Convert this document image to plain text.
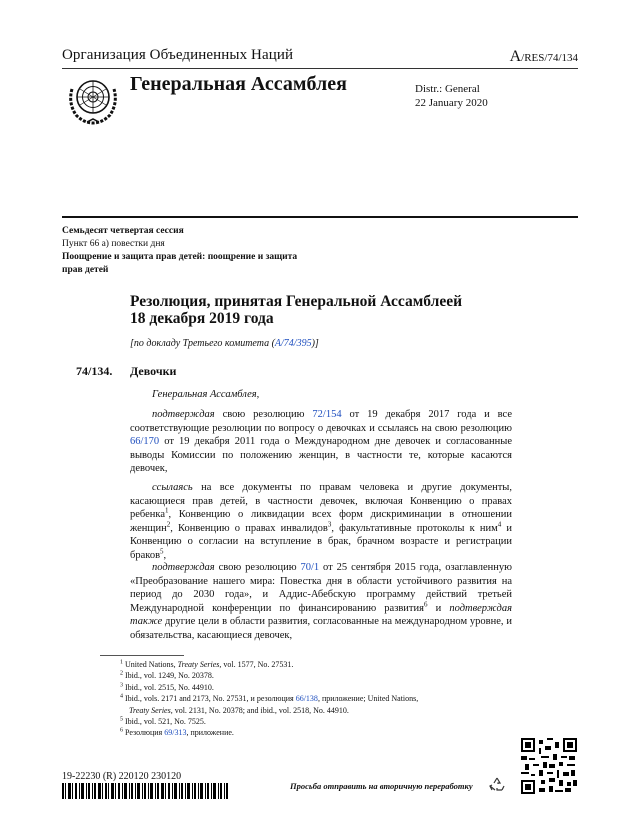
Организация Объединенных Наций	A/RES/74/134
Генеральная Ассамблея	Distr.: General
22 January 2020
Семьдесят четвертая сессия
Пункт 66 a) повестки дня
Поощрение и защита прав детей: поощрение и защита
прав детей
Резолюция, принятая Генеральной Ассамблеей
18 декабря 2019 года
[по докладу Третьего комитета (A/74/395)]
74/134. Девочки
Генеральная Ассамблея,
подтверждая свою резолюцию 72/154 от 19 декабря 2017 года и все соответствующие резолюции по вопросу о девочках и ссылаясь на свою резолюцию 66/170 от 19 декабря 2011 года о Международном дне девочек и согласованные выводы Комиссии по положению женщин, в частности те, которые касаются девочек,
ссылаясь на все документы по правам человека и другие документы, касающиеся прав детей, в частности девочек, включая Конвенцию о правах ребенка$^1$, Конвенцию о ликвидации всех форм дискриминации в отношении женщин$^2$, Конвенцию о правах инвалидов$^3$, факультативные протоколы к ним$^4$ и Конвенцию о согласии на вступление в брак, брачном возрасте и регистрации браков$^5$,
подтверждая свою резолюцию 70/1 от 25 сентября 2015 года, озаглавленную «Преобразование нашего мира: Повестка дня в области устойчивого развития на период до 2030 года», и Аддис-Абебскую программу действий третьей Международной конференции по финансированию развития$^6$ и подтверждая также другие цели в области развития, согласованные на международном уровне, и обязательства, касающиеся девочек,
$^1$ United Nations, Treaty Series, vol. 1577, No. 27531.
$^2$ Ibid., vol. 1249, No. 20378.
$^3$ Ibid., vol. 2515, No. 44910.
$^4$ Ibid., vols. 2171 and 2173, No. 27531, и резолюция 66/138, приложение; United Nations,
Treaty Series, vol. 2131, No. 20378; and ibid., vol. 2518, No. 44910.
$^5$ Ibid., vol. 521, No. 7525.
$^6$ Резолюция 69/313, приложение.
19-22230 (R) 220120 230120
Просьба отправить на вторичную переработку
